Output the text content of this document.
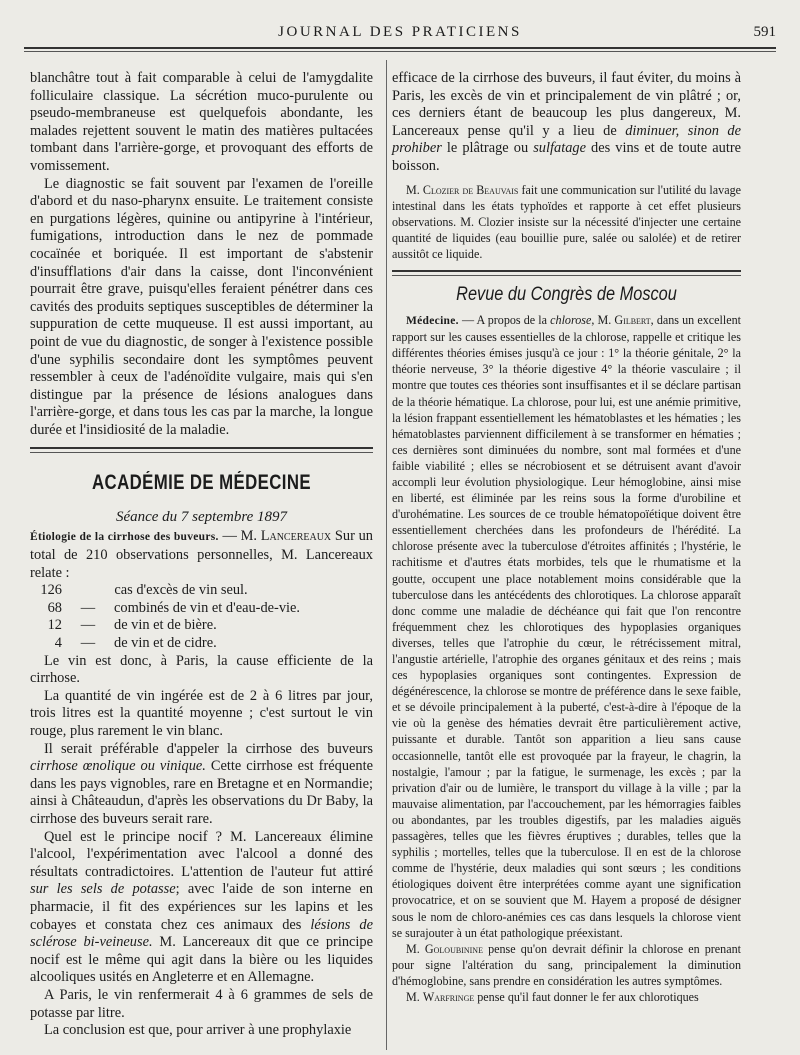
JOURNAL DES PRATICIENS	591

blanchâtre tout à fait comparable à celui de l'amygdalite folliculaire classique. La sécrétion muco-purulente ou pseudo-membraneuse est quelquefois abondante, les malades rejettent souvent le matin des matières pultacées tombant dans l'arrière-gorge, et provoquant des efforts de vomissement.

Le diagnostic se fait souvent par l'examen de l'oreille d'abord et du naso-pharynx ensuite. Le traitement consiste en purgations légères, quinine ou antipyrine à l'intérieur, fumigations, introduction dans le nez de pommade cocaïnée et boriquée. Il est important de s'abstenir d'insufflations d'air dans la caisse, dont l'inconvénient pourrait être grave, puisqu'elles feraient pénétrer dans ces cavités des produits septiques susceptibles de déterminer la suppuration de cette muqueuse. Il est aussi important, au point de vue du diagnostic, de songer à l'existence possible d'une syphilis secondaire dont les symptômes peuvent ressembler à ceux de l'adénoïdite vulgaire, mais qui s'en distingue par la présence de lésions analogues dans l'arrière-gorge, et dans tous les cas par la marche, la longue durée et l'insidiosité de la maladie.

ACADÉMIE DE MÉDECINE
Séance du 7 septembre 1897

Étiologie de la cirrhose des buveurs. — M. Lancereaux Sur un total de 210 observations personnelles, M. Lancereaux relate :

126	cas d'excès de vin seul.	
68	—	combinés de vin et d'eau-de-vie.
12	—	de vin et de bière.
4	—	de vin et de cidre.

Le vin est donc, à Paris, la cause efficiente de la cirrhose.

La quantité de vin ingérée est de 2 à 6 litres par jour, trois litres est la quantité moyenne ; c'est surtout le vin rouge, plus rarement le vin blanc.

Il serait préférable d'appeler la cirrhose des buveurs cirrhose œnolique ou vinique. Cette cirrhose est fréquente dans les pays vignobles, rare en Bretagne et en Normandie; ainsi à Châteaudun, d'après les observations du Dr Baby, la cirrhose des buveurs serait rare.

Quel est le principe nocif ? M. Lancereaux élimine l'alcool, l'expérimentation avec l'alcool a donné des résultats contradictoires. L'attention de l'auteur fut attiré sur les sels de potasse; avec l'aide de son interne en pharmacie, il fit des expériences sur les lapins et les cobayes et constata chez ces animaux des lésions de sclérose bi-veineuse. M. Lancereaux dit que ce principe nocif est le même qui agit dans la bière ou les liquides alcooliques usités en Angleterre et en Allemagne.

A Paris, le vin renfermerait 4 à 6 grammes de sels de potasse par litre.

La conclusion est que, pour arriver à une prophylaxie

efficace de la cirrhose des buveurs, il faut éviter, du moins à Paris, les excès de vin et principalement de vin plâtré ; or, ces derniers étant de beaucoup les plus dangereux, M. Lancereaux pense qu'il y a lieu de diminuer, sinon de prohiber le plâtrage ou sulfatage des vins et de toute autre boisson.

M. Clozier de Beauvais fait une communication sur l'utilité du lavage intestinal dans les états typhoïdes et rapporte à cet effet plusieurs observations. M. Clozier insiste sur la nécessité d'injecter une certaine quantité de liquides (eau bouillie pure, salée ou salolée) et de retirer aussitôt ce liquide.

Revue du Congrès de Moscou

Médecine. — A propos de la chlorose, M. Gilbert, dans un excellent rapport sur les causes essentielles de la chlorose, rappelle et critique les différentes théories émises jusqu'à ce jour : 1° la théorie génitale, 2° la théorie nerveuse, 3° la théorie digestive 4° la théorie vasculaire ; il montre que toutes ces théories sont insuffisantes et il se déclare partisan de la théorie hématique. La chlorose, pour lui, est une anémie primitive, la lésion frappant essentiellement les hématoblastes et les hématies ; les hématoblastes parviennent difficilement à se transformer en hématies ; ces dernières sont diminuées du nombre, sont mal formées et d'une faible viabilité ; elles se nécrobiosent et se détruisent avant d'avoir accompli leur évolution physiologique. Leur hémoglobine, ainsi mise en liberté, est éliminée par les reins sous la forme d'urobiline et d'urohématine. Les sources de ce trouble hématopoïétique doivent être essentiellement cherchées dans les profondeurs de l'hérédité. La chlorose présente avec la tuberculose d'étroites affinités ; l'hystérie, le rachitisme et d'autres états morbides, tels que le rhumatisme et la goutte, occupent une place notablement moins considérable que la tuberculose dans les antécédents des chlorotiques. La chlorose apparaît donc comme une maladie de déchéance qui fait que l'on rencontre fréquemment chez les chlorotiques des hypoplasies organiques diverses, telles que l'atrophie du cœur, le rétrécissement mitral, l'angustie artérielle, l'atrophie des organes génitaux et des reins ; mais ces hypoplasies organiques sont contingentes. Expression de dégénérescence, la chlorose se montre de préférence dans le sexe faible, et se dévoile principalement à la puberté, c'est-à-dire à l'époque de la vie où la genèse des hématies devrait être particulièrement active, puissante et durable. Tantôt son apparition a lieu sans cause occasionnelle, tantôt elle est provoquée par la frayeur, le chagrin, la nostalgie, l'amour ; par la fatigue, le surmenage, les excès ; par la privation d'air ou de lumière, le transport du village à la ville ; par la mauvaise alimentation, par l'accouchement, par les hémorragies faibles ou abondantes, par les troubles digestifs, par les maladies aiguës passagères, telles que les fièvres éruptives ; durables, telles que la syphilis ; mortelles, telles que la tuberculose. Il en est de la chlorose comme de l'hystérie, deux maladies qui sont sœurs ; les conditions étiologiques doivent être interprétées comme ayant une signification provocatrice, et on se souvient que M. Hayem a proposé de désigner sous le nom de chloro-anémies ces cas dans lesquels la chlorose vient se surajouter à un état pathologique préexistant.

M. Goloubinine pense qu'on devrait définir la chlorose en prenant pour signe l'altération du sang, principalement la diminution d'hémoglobine, sans prendre en considération les autres symptômes.

M. Warfringe pense qu'il faut donner le fer aux chlorotiques
